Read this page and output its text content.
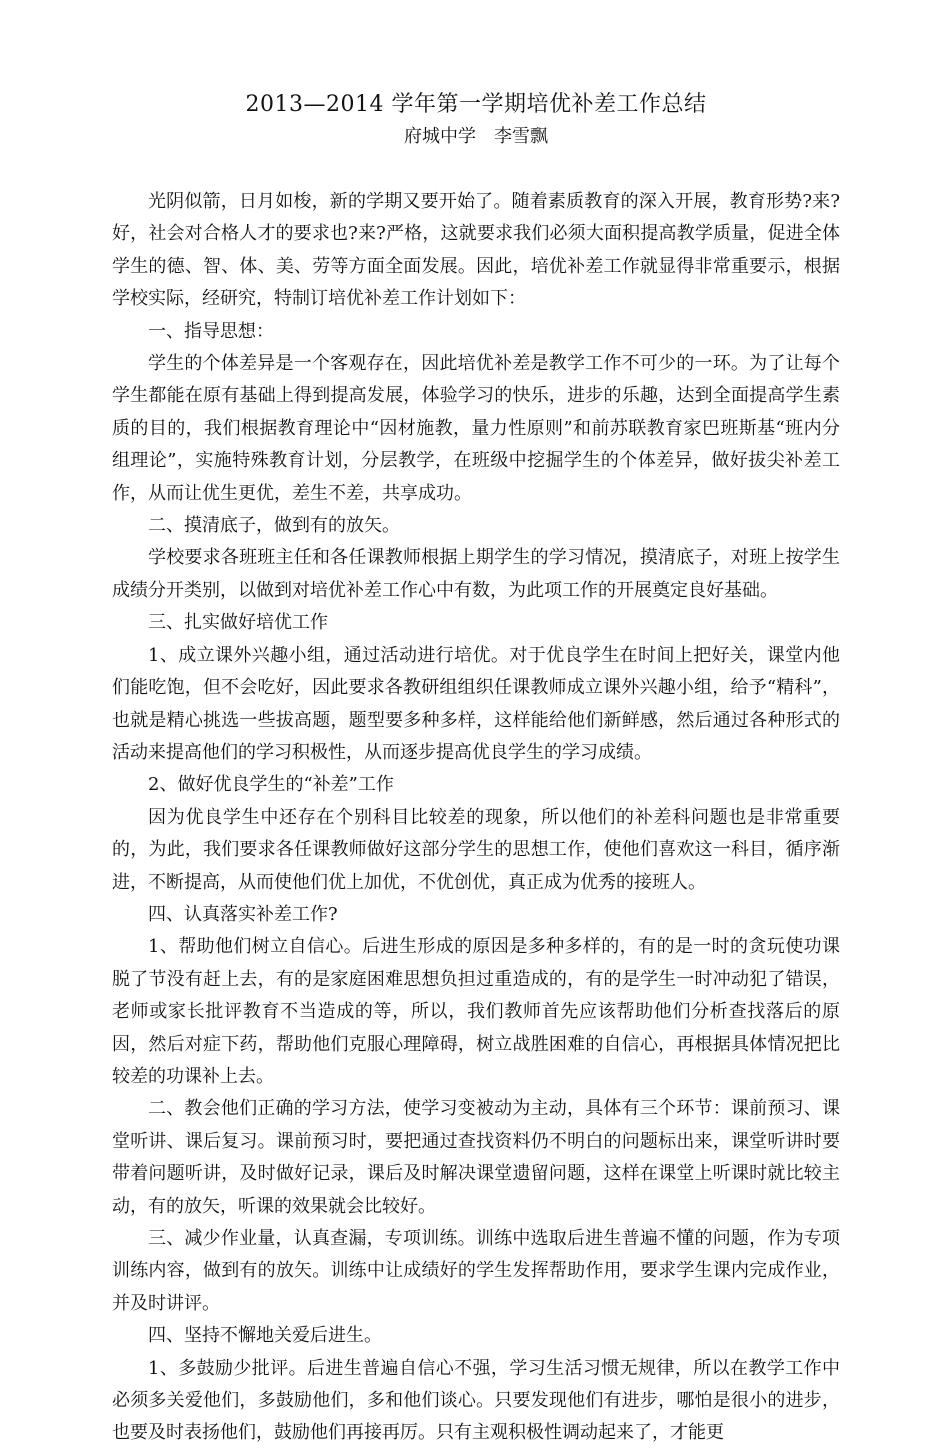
2013—2014 学年第一学期培优补差工作总结

府城中学　李雪飘

光阴似箭，日月如梭，新的学期又要开始了。随着素质教育的深入开展，教育形势?来?好，社会对合格人才的要求也?来?严格，这就要求我们必须大面积提高教学质量，促进全体学生的德、智、体、美、劳等方面全面发展。因此，培优补差工作就显得非常重要示，根据学校实际，经研究，特制订培优补差工作计划如下：

一、指导思想：

学生的个体差异是一个客观存在，因此培优补差是教学工作不可少的一环。为了让每个学生都能在原有基础上得到提高发展，体验学习的快乐，进步的乐趣，达到全面提高学生素质的目的，我们根据教育理论中“因材施教，量力性原则”和前苏联教育家巴班斯基“班内分组理论”，实施特殊教育计划，分层教学，在班级中挖掘学生的个体差异，做好拔尖补差工作，从而让优生更优，差生不差，共享成功。

二、摸清底子，做到有的放矢。

学校要求各班班主任和各任课教师根据上期学生的学习情况，摸清底子，对班上按学生成绩分开类别，以做到对培优补差工作心中有数，为此项工作的开展奠定良好基础。

三、扎实做好培优工作

1、成立课外兴趣小组，通过活动进行培优。对于优良学生在时间上把好关，课堂内他们能吃饱，但不会吃好，因此要求各教研组组织任课教师成立课外兴趣小组，给予“精科”，也就是精心挑选一些拔高题，题型要多种多样，这样能给他们新鲜感，然后通过各种形式的活动来提高他们的学习积极性，从而逐步提高优良学生的学习成绩。

2、做好优良学生的“补差”工作

因为优良学生中还存在个别科目比较差的现象，所以他们的补差科问题也是非常重要的，为此，我们要求各任课教师做好这部分学生的思想工作，使他们喜欢这一科目，循序渐进，不断提高，从而使他们优上加优，不优创优，真正成为优秀的接班人。

四、认真落实补差工作?

1、帮助他们树立自信心。后进生形成的原因是多种多样的，有的是一时的贪玩使功课脱了节没有赶上去，有的是家庭困难思想负担过重造成的，有的是学生一时冲动犯了错误，老师或家长批评教育不当造成的等，所以，我们教师首先应该帮助他们分析查找落后的原因，然后对症下药，帮助他们克服心理障碍，树立战胜困难的自信心，再根据具体情况把比较差的功课补上去。

二、教会他们正确的学习方法，使学习变被动为主动，具体有三个环节：课前预习、课堂听讲、课后复习。课前预习时，要把通过查找资料仍不明白的问题标出来，课堂听讲时要带着问题听讲，及时做好记录，课后及时解决课堂遗留问题，这样在课堂上听课时就比较主动，有的放矢，听课的效果就会比较好。

三、减少作业量，认真查漏，专项训练。训练中选取后进生普遍不懂的问题，作为专项训练内容，做到有的放矢。训练中让成绩好的学生发挥帮助作用，要求学生课内完成作业，并及时讲评。

四、坚持不懈地关爱后进生。

1、多鼓励少批评。后进生普遍自信心不强，学习生活习惯无规律，所以在教学工作中必须多关爱他们，多鼓励他们，多和他们谈心。只要发现他们有进步，哪怕是很小的进步，也要及时表扬他们，鼓励他们再接再厉。只有主观积极性调动起来了，才能更
